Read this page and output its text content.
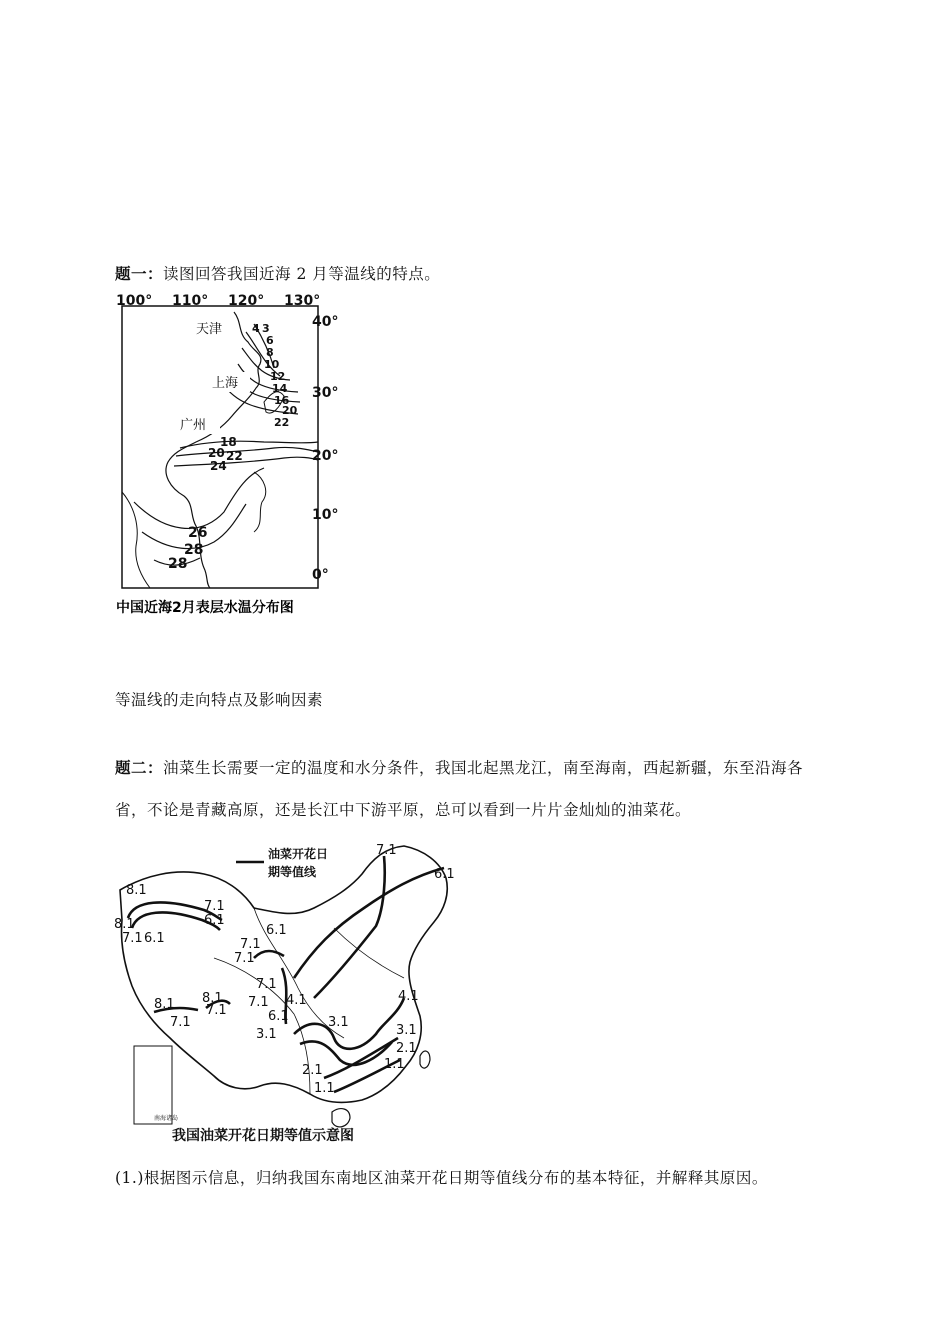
题一：读图回答我国近海 2 月等温线的特点。
100° 110° 120° 130°
40°
30°
20°
10°
0°
天津
上海
广州
4 3
6
8
10
12
14
16
20
22
18
20 22
24
26
28
28
中国近海2月表层水温分布图
等温线的走向特点及影响因素
题二：油菜生长需要一定的温度和水分条件，我国北起黑龙江，南至海南，西起新疆，东至沿海各
省，不论是青藏高原，还是长江中下游平原，总可以看到一片片金灿灿的油菜花。
南海诸岛
油菜开花日
期等值线
7.1
6.1
8.1
7.1
6.1
8.1
7.1 6.1
6.1
7.1
7.1
7.1
8.1 8.1
7.1
7.1
7.1 4.1
6.1	3.1
3.1
4.1
3.1
2.1
1.1
2.1
1.1
我国油菜开花日期等值示意图
(1.)根据图示信息，归纳我国东南地区油菜开花日期等值线分布的基本特征，并解释其原因。
